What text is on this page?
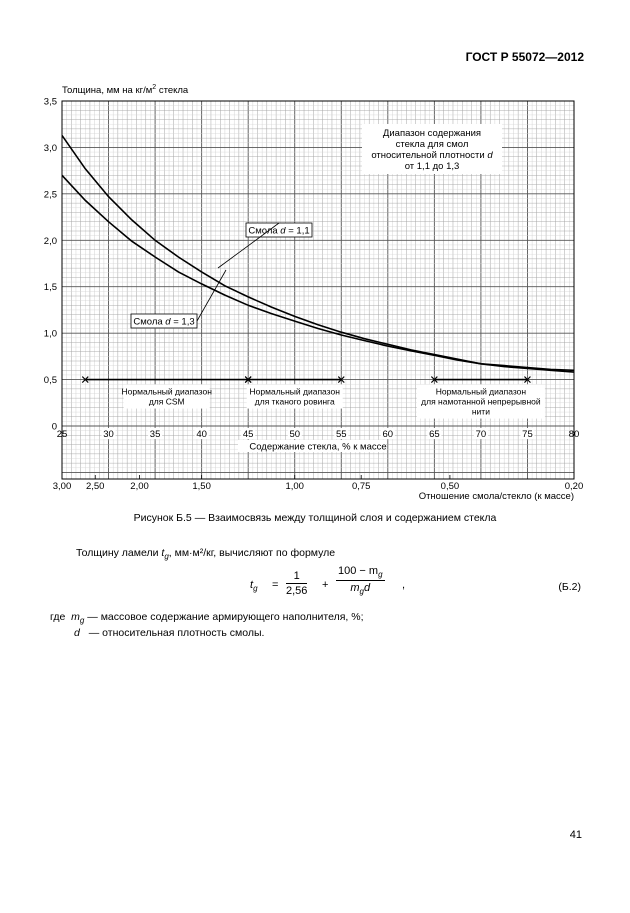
ГОСТ Р 55072—2012
Толщина, мм на $кг/м^2$ стекла
0
0,5
1,0
1,5
2,0
2,5
3,0
3,5
25	30	35	40	45	50	55	60	65	70	75	80
Содержание стекла, % к массе
3,00 2,50	2,00	1,50	1,00	0,75	0,50	0,20
Отношение смола/стекло (к массе)
Смола d = 1,1
Смола d = 1,3
Диапазон содержания
стекла для смол
относительной плотности d
от 1,1 до 1,3
Нормальный диапазон
для CSM
Нормальный диапазон
для тканого ровинга
Нормальный диапазон
для намотанной непрерывной
нити
Рисунок Б.5 — Взаимосвязь между толщиной слоя и содержанием стекла
Толщину ламели $t_g$, мм·м²/кг, вычисляют по формуле
$t_g = \frac{1}{2,56}$ +
$100 - m_g$
$m_gd$	,	(Б.2)
где $m_g$ — массовое содержание армирующего наполнителя, %;
d — относительная плотность смолы.
41
